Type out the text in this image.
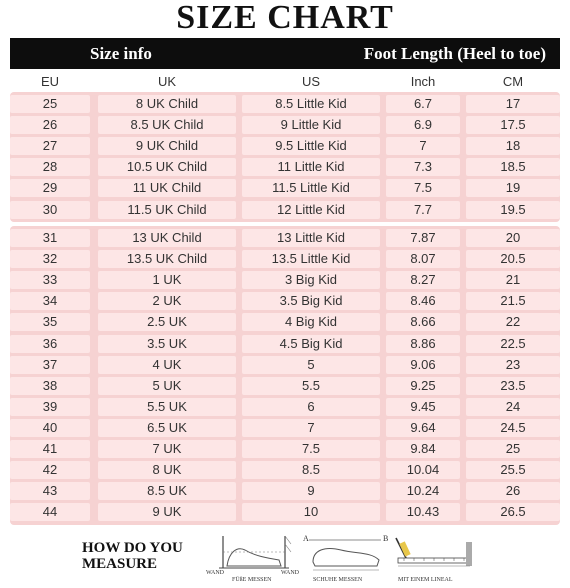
SIZE CHART
Size info	Foot Length (Heel to toe)
EU	UK	US	Inch	CM
25	8 UK Child	8.5 Little Kid	6.7	17
26	8.5 UK Child	9 Little Kid	6.9	17.5
27	9 UK Child	9.5 Little Kid	7	18
28	10.5 UK Child	11 Little Kid	7.3	18.5
29	11 UK Child	11.5 Little Kid	7.5	19
30	11.5 UK Child	12 Little Kid	7.7	19.5
31	13 UK Child	13 Little Kid	7.87	20
32	13.5 UK Child	13.5 Little Kid	8.07	20.5
33	1 UK	3 Big Kid	8.27	21
34	2 UK	3.5 Big Kid	8.46	21.5
35	2.5 UK	4 Big Kid	8.66	22
36	3.5 UK	4.5 Big Kid	8.86	22.5
37	4 UK	5	9.06	23
38	5 UK	5.5	9.25	23.5
39	5.5 UK	6	9.45	24
40	6.5 UK	7	9.64	24.5
41	7 UK	7.5	9.84	25
42	8 UK	8.5	10.04	25.5
43	8.5 UK	9	10.24	26
44	9 UK	10	10.43	26.5
HOW DO YOU
MEASURE
WAND	WAND
FÜßE MESSEN
A
SCHUHE MESSEN
B
MIT EINEM LINEAL
